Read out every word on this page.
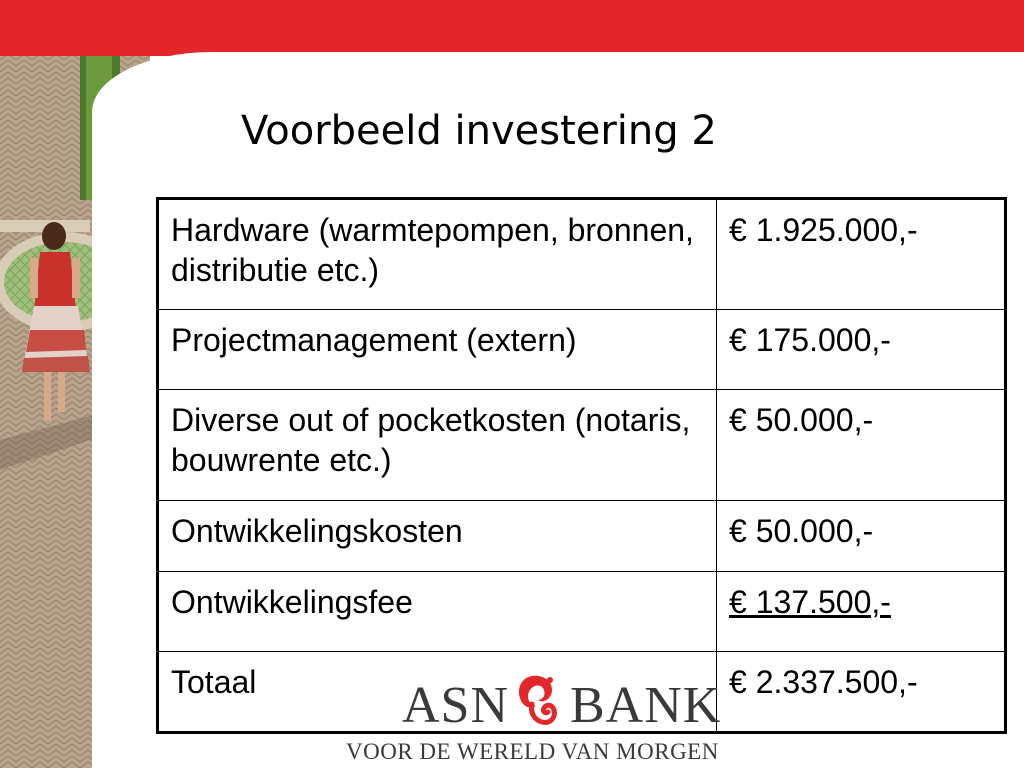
Voorbeeld investering 2
Hardware (warmtepompen, bronnen, distributie etc.)	€ 1.925.000,-
Projectmanagement (extern)	€ 175.000,-
Diverse out of pocketkosten (notaris, bouwrente etc.)	€ 50.000,-
Ontwikkelingskosten	€ 50.000,-
Ontwikkelingsfee	€ 137.500,-
Totaal	€ 2.337.500,-
ASN BANK
VOOR DE WERELD VAN MORGEN
